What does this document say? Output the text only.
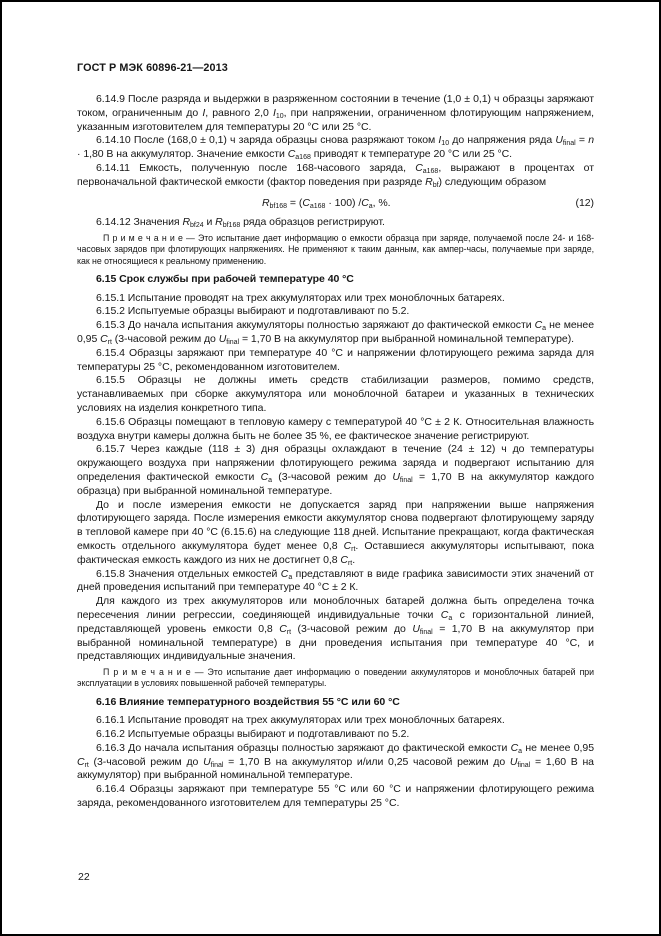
ГОСТ Р МЭК 60896-21—2013

6.14.9 После разряда и выдержки в разряженном состоянии в течение (1,0 ± 0,1) ч образцы заряжают током, ограниченным до I, равного 2,0 $I_{10}$, при напряжении, ограниченном флотирующим напряжением, указанным изготовителем для температуры 20 °С или 25 °С.

6.14.10 После (168,0 ± 0,1) ч заряда образцы снова разряжают током $I_{10}$ до напряжения ряда $U_{final} = n \cdot 1,80$ В на аккумулятор. Значение емкости $C_{a168}$ приводят к температуре 20 °С или 25 °С.

6.14.11 Емкость, полученную после 168-часового заряда, $C_{a168}$, выражают в процентах от первоначальной фактической емкости (фактор поведения при разряде $R_{bf}$) следующим образом

$R_{bf168} = (C_{a168} \cdot 100)$ $/C_a$, %.	(12)

6.14.12 Значения $R_{bf24}$ и $R_{bf168}$ ряда образцов регистрируют.

П р и м е ч а н и е — Это испытание дает информацию о емкости образца при заряде, получаемой после 24- и 168-часовых зарядов при флотирующих напряжениях. Не применяют к таким данным, как ампер-часы, получаемые при заряде, как не относящиеся к реальному применению.

6.15 Срок службы при рабочей температуре 40 °С

6.15.1 Испытание проводят на трех аккумуляторах или трех моноблочных батареях.

6.15.2 Испытуемые образцы выбирают и подготавливают по 5.2.

6.15.3 До начала испытания аккумуляторы полностью заряжают до фактической емкости $C_a$ не менее 0,95 $C_{rt}$ (3-часовой режим до $U_{final} = 1,70$ В на аккумулятор при выбранной номинальной температуре).

6.15.4 Образцы заряжают при температуре 40 °С и напряжении флотирующего режима заряда для температуры 25 °С, рекомендованном изготовителем.

6.15.5 Образцы не должны иметь средств стабилизации размеров, помимо средств, устанавливаемых при сборке аккумулятора или моноблочной батареи и указанных в технических условиях на изделия конкретного типа.

6.15.6 Образцы помещают в тепловую камеру с температурой 40 °С ± 2 К. Относительная влажность воздуха внутри камеры должна быть не более 35 %, ее фактическое значение регистрируют.

6.15.7 Через каждые (118 ± 3) дня образцы охлаждают в течение (24 ± 12) ч до температуры окружающего воздуха при напряжении флотирующего режима заряда и подвергают испытанию для определения фактической емкости $C_a$ (3-часовой режим до $U_{final} = 1,70$ В на аккумулятор каждого образца) при выбранной номинальной температуре.

До и после измерения емкости не допускается заряд при напряжении выше напряжения флотирующего заряда. После измерения емкости аккумулятор снова подвергают флотирующему заряду в тепловой камере при 40 °С (6.15.6) на следующие 118 дней. Испытание прекращают, когда фактическая емкость отдельного аккумулятора будет менее 0,8 $C_{rt}$. Оставшиеся аккумуляторы испытывают, пока фактическая емкость каждого из них не достигнет 0,8 $C_{rt}$.

6.15.8 Значения отдельных емкостей $C_a$ представляют в виде графика зависимости этих значений от дней проведения испытаний при температуре 40 °С ± 2 К.

Для каждого из трех аккумуляторов или моноблочных батарей должна быть определена точка пересечения линии регрессии, соединяющей индивидуальные точки $C_a$ с горизонтальной линией, представляющей уровень емкости 0,8 $C_{rt}$ (3-часовой режим до $U_{final} = 1,70$ В на аккумулятор при выбранной номинальной температуре) в дни проведения испытания при температуре 40 °С, и представляющих индивидуальные значения.

П р и м е ч а н и е — Это испытание дает информацию о поведении аккумуляторов и моноблочных батарей при эксплуатации в условиях повышенной рабочей температуры.

6.16 Влияние температурного воздействия 55 °С или 60 °С

6.16.1 Испытание проводят на трех аккумуляторах или трех моноблочных батареях.

6.16.2 Испытуемые образцы выбирают и подготавливают по 5.2.

6.16.3 До начала испытания образцы полностью заряжают до фактической емкости $C_a$ не менее 0,95 $C_{rt}$ (3-часовой режим до $U_{final} = 1,70$ В на аккумулятор и/или 0,25 часовой режим до $U_{final} = 1,60$ В на аккумулятор) при выбранной номинальной температуре.

6.16.4 Образцы заряжают при температуре 55 °С или 60 °С и напряжении флотирующего режима заряда, рекомендованного изготовителем для температуры 25 °С.

22
